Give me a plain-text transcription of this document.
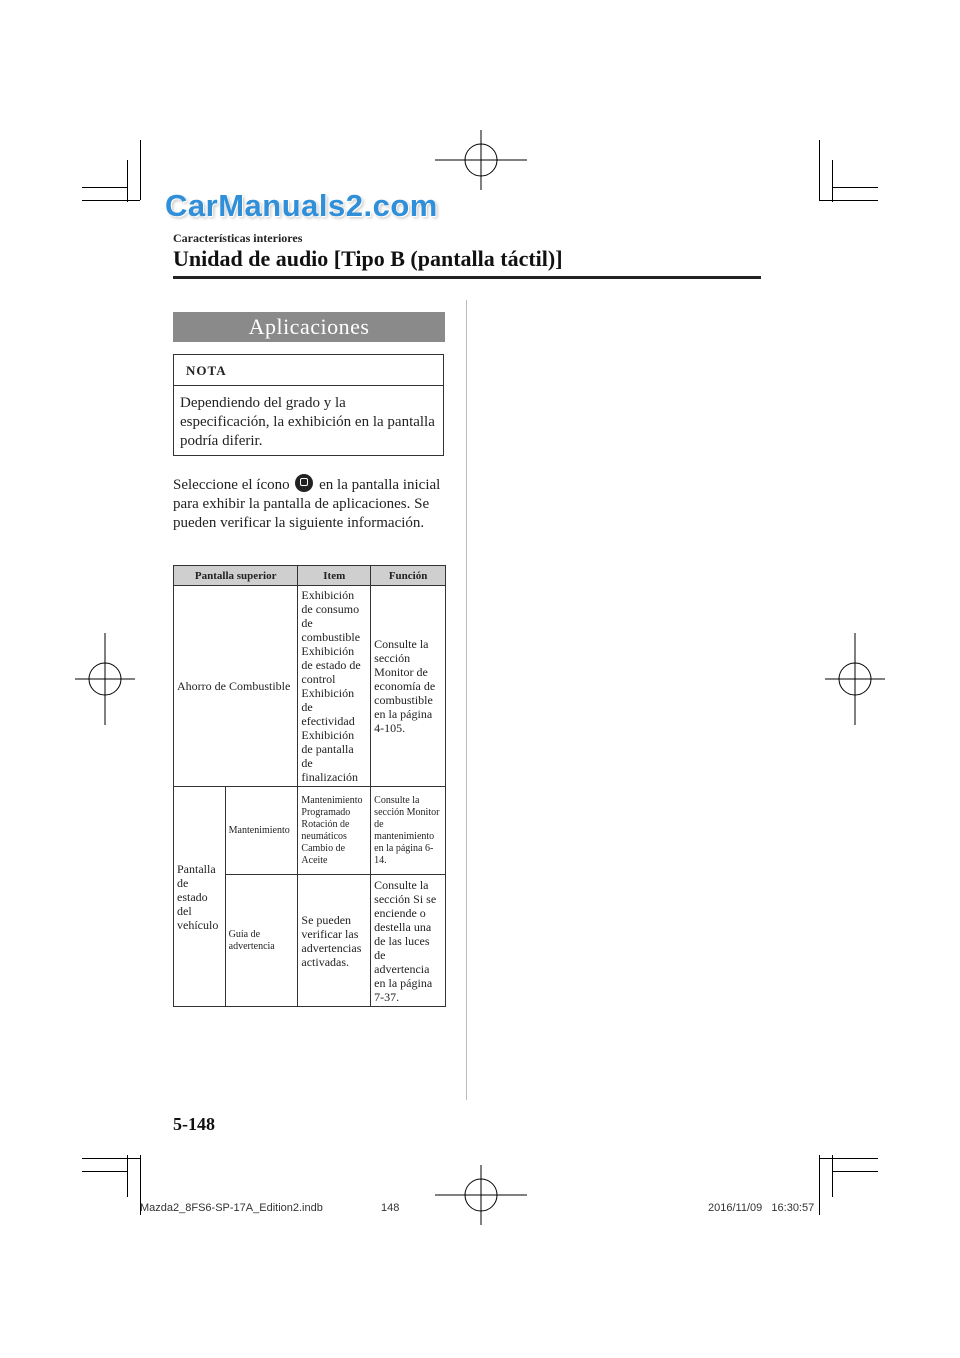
CarManuals2.com
Características interiores
Unidad de audio [Tipo B (pantalla táctil)]
Aplicaciones
NOTA
Dependiendo del grado y la especificación, la exhibición en la pantalla podría diferir.
Seleccione el ícono en la pantalla inicial para exhibir la pantalla de aplicaciones. Se pueden verificar la siguiente información.
Pantalla superior		Item	Función
Ahorro de Combustible		Exhibición de consumo de combustible Exhibición de estado de control Exhibición de efectividad Exhibición de pantalla de finalización	Consulte la sección Monitor de economía de combustible en la página 4-105.
Pantalla de estado del vehículo	Mantenimiento	Mantenimiento Programado Rotación de neumáticos Cambio de Aceite	Consulte la sección Monitor de mantenimiento en la página 6-14.
	Guía de advertencia	Se pueden verificar las advertencias activadas.	Consulte la sección Si se enciende o destella una de las luces de advertencia en la página 7-37.
5-148
Mazda2_8FS6-SP-17A_Edition2.indb	148	2016/11/09   16:30:57
